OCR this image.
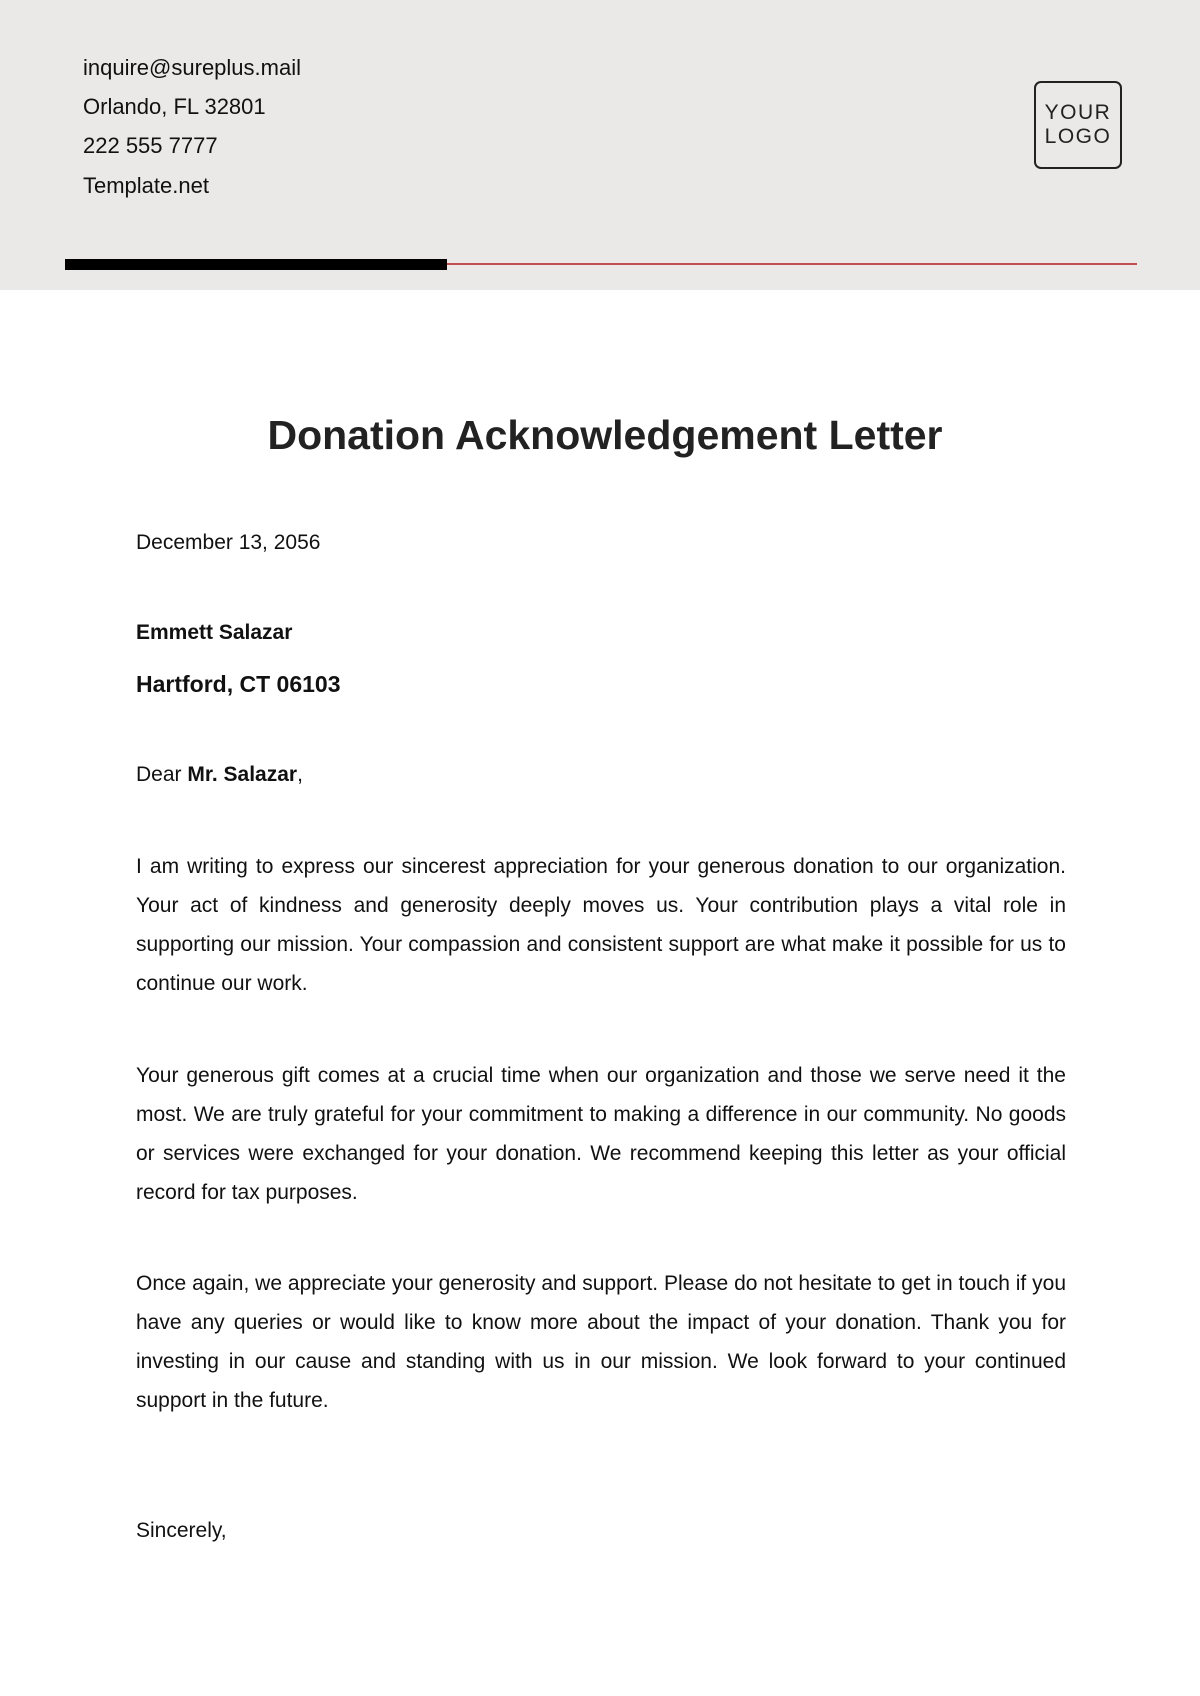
inquire@sureplus.mail
Orlando, FL 32801
222 555 7777
Template.net
YOUR
LOGO
Donation Acknowledgement Letter
December 13, 2056
Emmett Salazar
Hartford, CT 06103
Dear Mr. Salazar,
I am writing to express our sincerest appreciation for your generous donation to our organization. Your act of kindness and generosity deeply moves us. Your contribution plays a vital role in supporting our mission. Your compassion and consistent support are what make it possible for us to continue our work.
Your generous gift comes at a crucial time when our organization and those we serve need it the most. We are truly grateful for your commitment to making a difference in our community. No goods or services were exchanged for your donation. We recommend keeping this letter as your official record for tax purposes.
Once again, we appreciate your generosity and support. Please do not hesitate to get in touch if you have any queries or would like to know more about the impact of your donation. Thank you for investing in our cause and standing with us in our mission. We look forward to your continued support in the future.
Sincerely,
